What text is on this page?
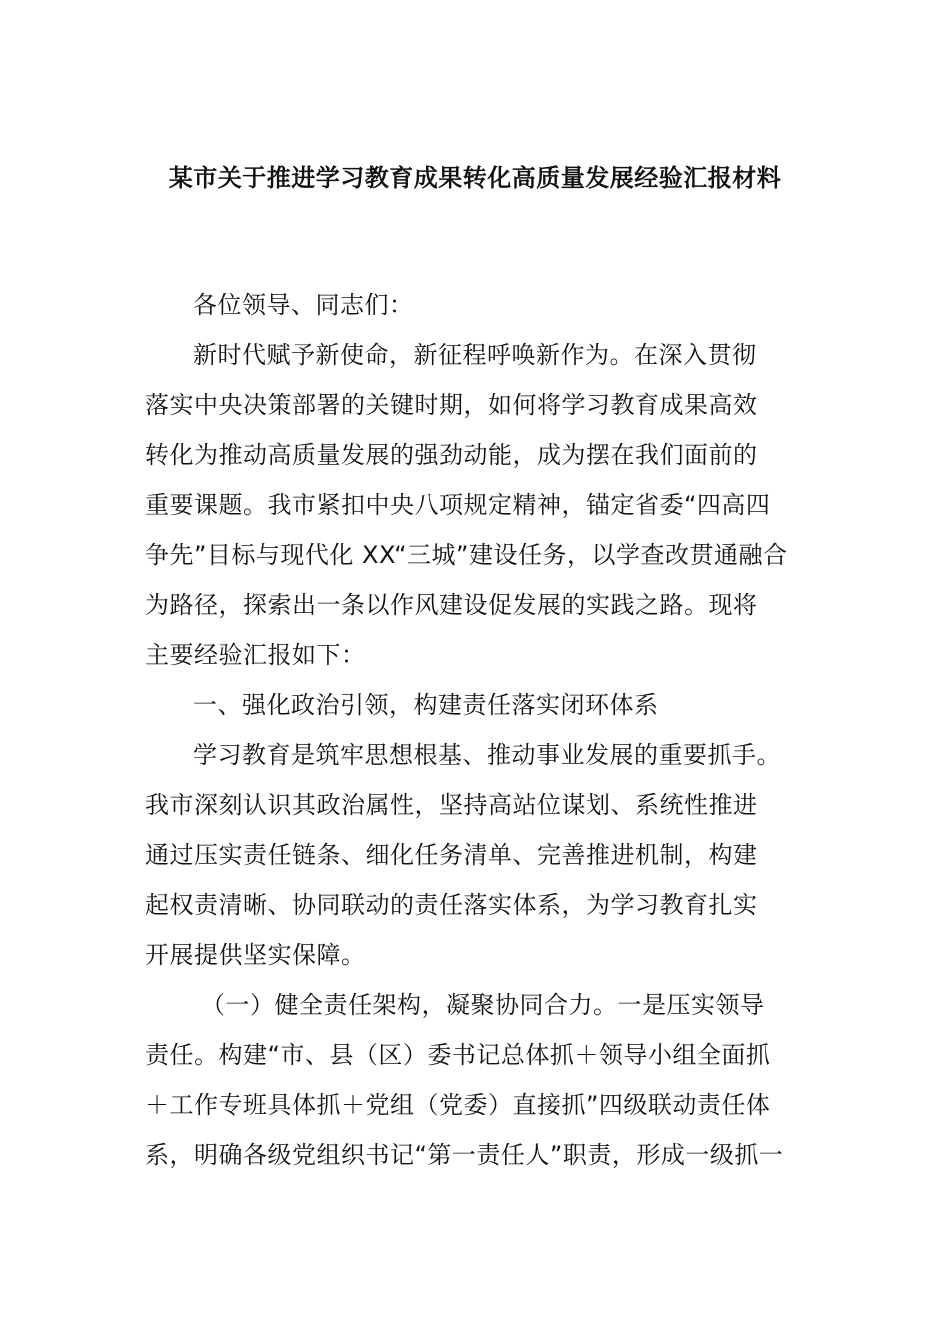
某市关于推进学习教育成果转化高质量发展经验汇报材料
各位领导、同志们：
新时代赋予新使命，新征程呼唤新作为。在深入贯彻
落实中央决策部署的关键时期，如何将学习教育成果高效
转化为推动高质量发展的强劲动能，成为摆在我们面前的
重要课题。我市紧扣中央八项规定精神，锚定省委“四高四
争先”目标与现代化 XX“三城”建设任务，以学查改贯通融合
为路径，探索出一条以作风建设促发展的实践之路。现将
主要经验汇报如下：
一、强化政治引领，构建责任落实闭环体系
学习教育是筑牢思想根基、推动事业发展的重要抓手。
我市深刻认识其政治属性，坚持高站位谋划、系统性推进
通过压实责任链条、细化任务清单、完善推进机制，构建
起权责清晰、协同联动的责任落实体系，为学习教育扎实
开展提供坚实保障。
（一）健全责任架构，凝聚协同合力。一是压实领导
责任。构建“市、县（区）委书记总体抓＋领导小组全面抓
＋工作专班具体抓＋党组（党委）直接抓”四级联动责任体
系，明确各级党组织书记“第一责任人”职责，形成一级抓一
